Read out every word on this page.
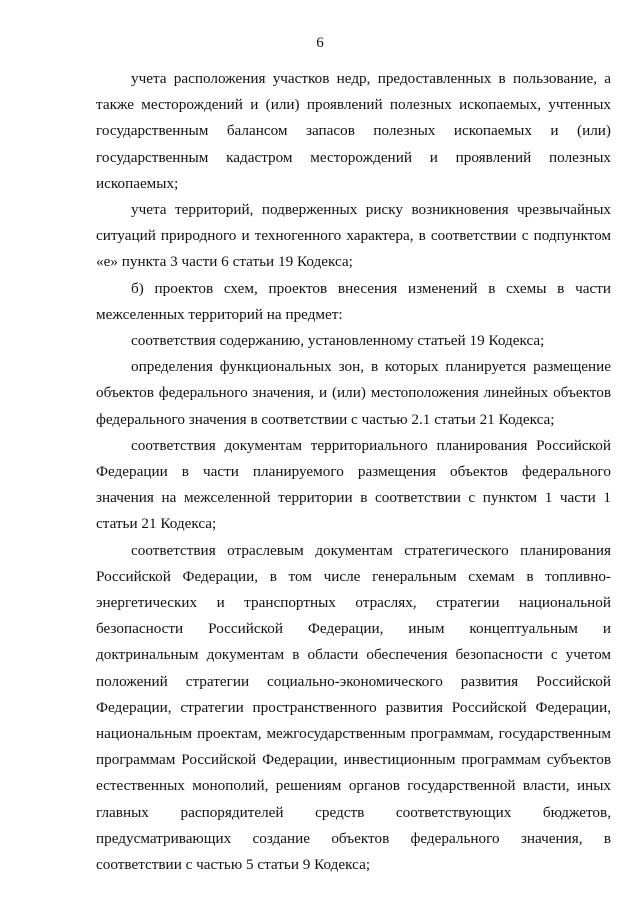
6

учета расположения участков недр, предоставленных в пользование, а также месторождений и (или) проявлений полезных ископаемых, учтенных государственным балансом запасов полезных ископаемых и (или) государственным кадастром месторождений и проявлений полезных ископаемых;

учета территорий, подверженных риску возникновения чрезвычайных ситуаций природного и техногенного характера, в соответствии с подпунктом «е» пункта 3 части 6 статьи 19 Кодекса;

б) проектов схем, проектов внесения изменений в схемы в части межселенных территорий на предмет:

соответствия содержанию, установленному статьей 19 Кодекса;

определения функциональных зон, в которых планируется размещение объектов федерального значения, и (или) местоположения линейных объектов федерального значения в соответствии с частью 2.1 статьи 21 Кодекса;

соответствия документам территориального планирования Российской Федерации в части планируемого размещения объектов федерального значения на межселенной территории в соответствии с пунктом 1 части 1 статьи 21 Кодекса;

соответствия отраслевым документам стратегического планирования Российской Федерации, в том числе генеральным схемам в топливно-энергетических и транспортных отраслях, стратегии национальной безопасности Российской Федерации, иным концептуальным и доктринальным документам в области обеспечения безопасности с учетом положений стратегии социально-экономического развития Российской Федерации, стратегии пространственного развития Российской Федерации, национальным проектам, межгосударственным программам, государственным программам Российской Федерации, инвестиционным программам субъектов естественных монополий, решениям органов государственной власти, иных главных распорядителей средств соответствующих бюджетов, предусматривающих создание объектов федерального значения, в соответствии с частью 5 статьи 9 Кодекса;
